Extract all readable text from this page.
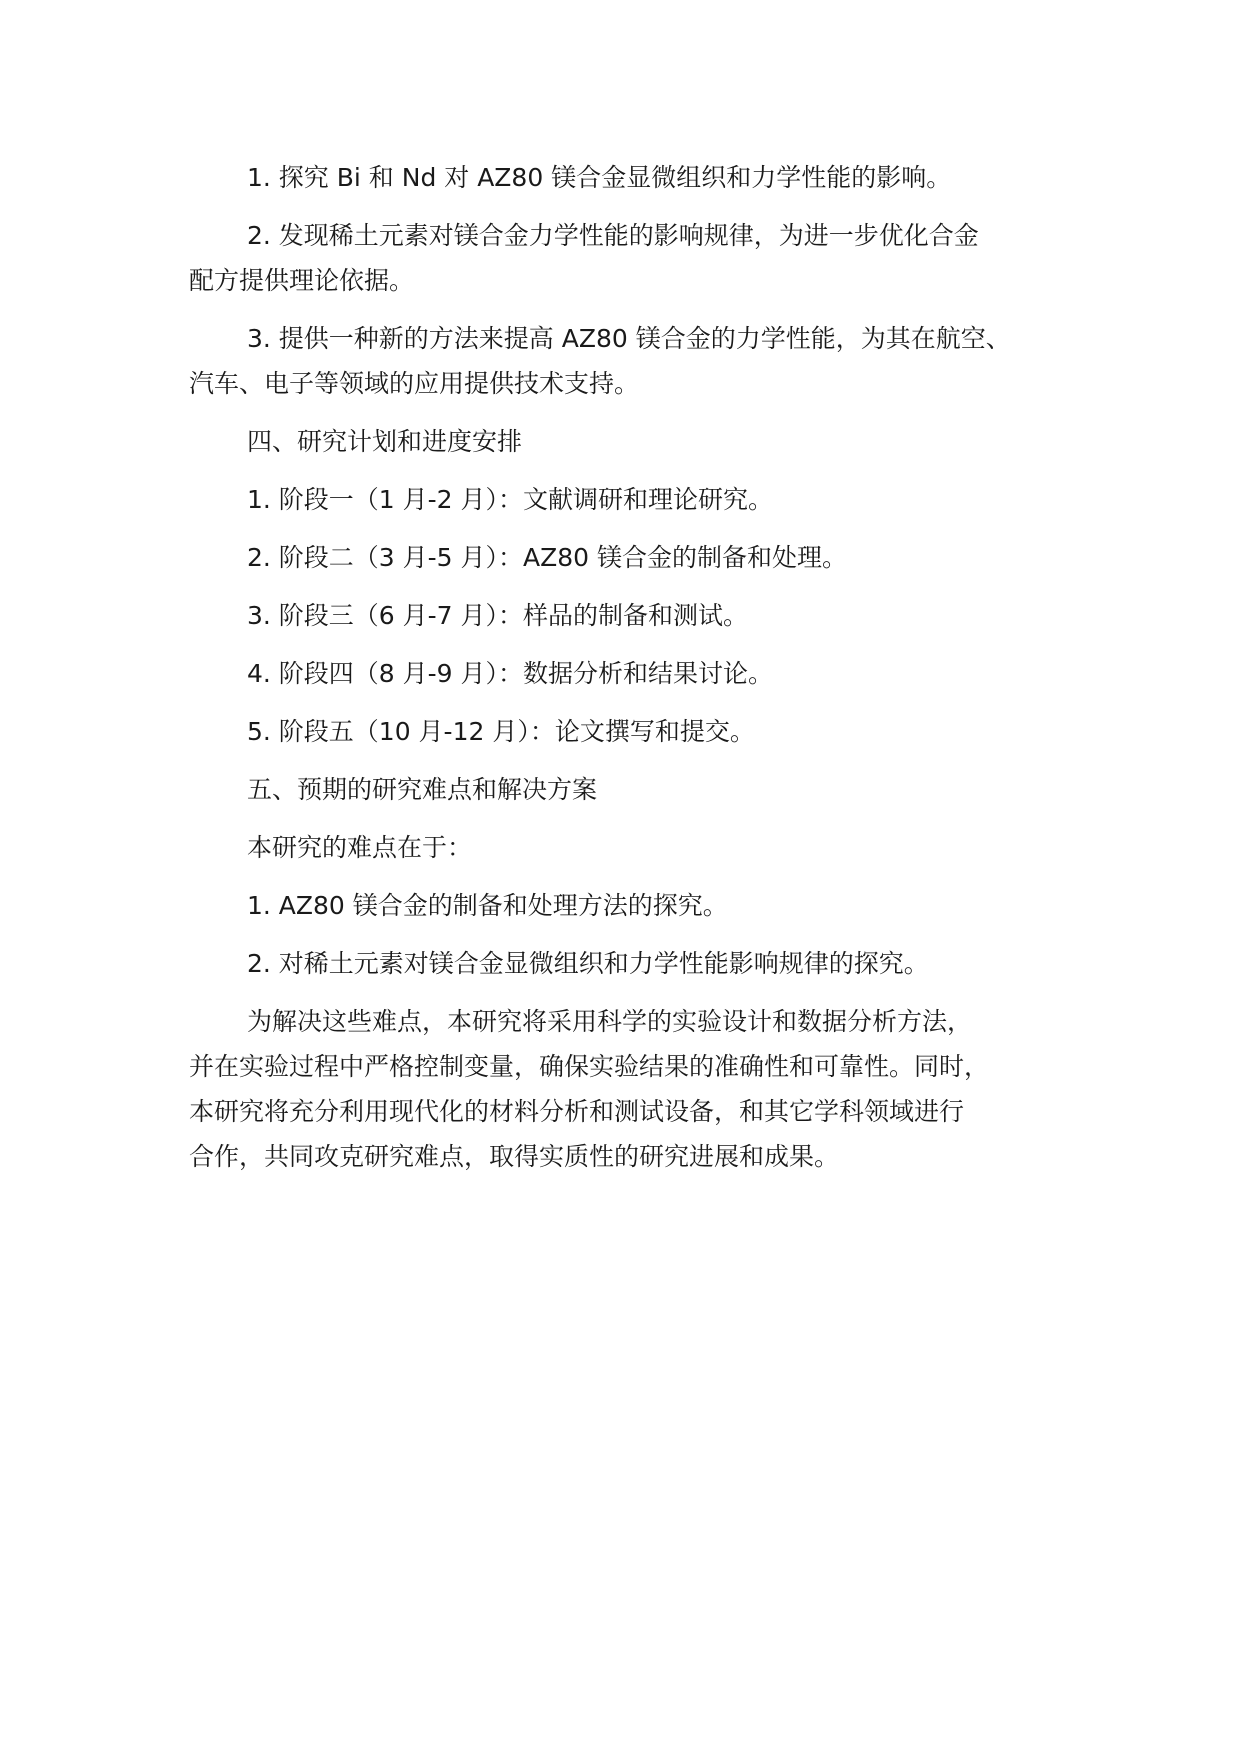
1. 探究 Bi 和 Nd 对 AZ80 镁合金显微组织和力学性能的影响。

2. 发现稀土元素对镁合金力学性能的影响规律，为进一步优化合金
配方提供理论依据。

3. 提供一种新的方法来提高 AZ80 镁合金的力学性能，为其在航空、
汽车、电子等领域的应用提供技术支持。

四、研究计划和进度安排

1. 阶段一（1 月-2 月）：文献调研和理论研究。

2. 阶段二（3 月-5 月）：AZ80 镁合金的制备和处理。

3. 阶段三（6 月-7 月）：样品的制备和测试。

4. 阶段四（8 月-9 月）：数据分析和结果讨论。

5. 阶段五（10 月-12 月）：论文撰写和提交。

五、预期的研究难点和解决方案

本研究的难点在于：

1. AZ80 镁合金的制备和处理方法的探究。

2. 对稀土元素对镁合金显微组织和力学性能影响规律的探究。

为解决这些难点，本研究将采用科学的实验设计和数据分析方法，
并在实验过程中严格控制变量，确保实验结果的准确性和可靠性。同时，
本研究将充分利用现代化的材料分析和测试设备，和其它学科领域进行
合作，共同攻克研究难点，取得实质性的研究进展和成果。
